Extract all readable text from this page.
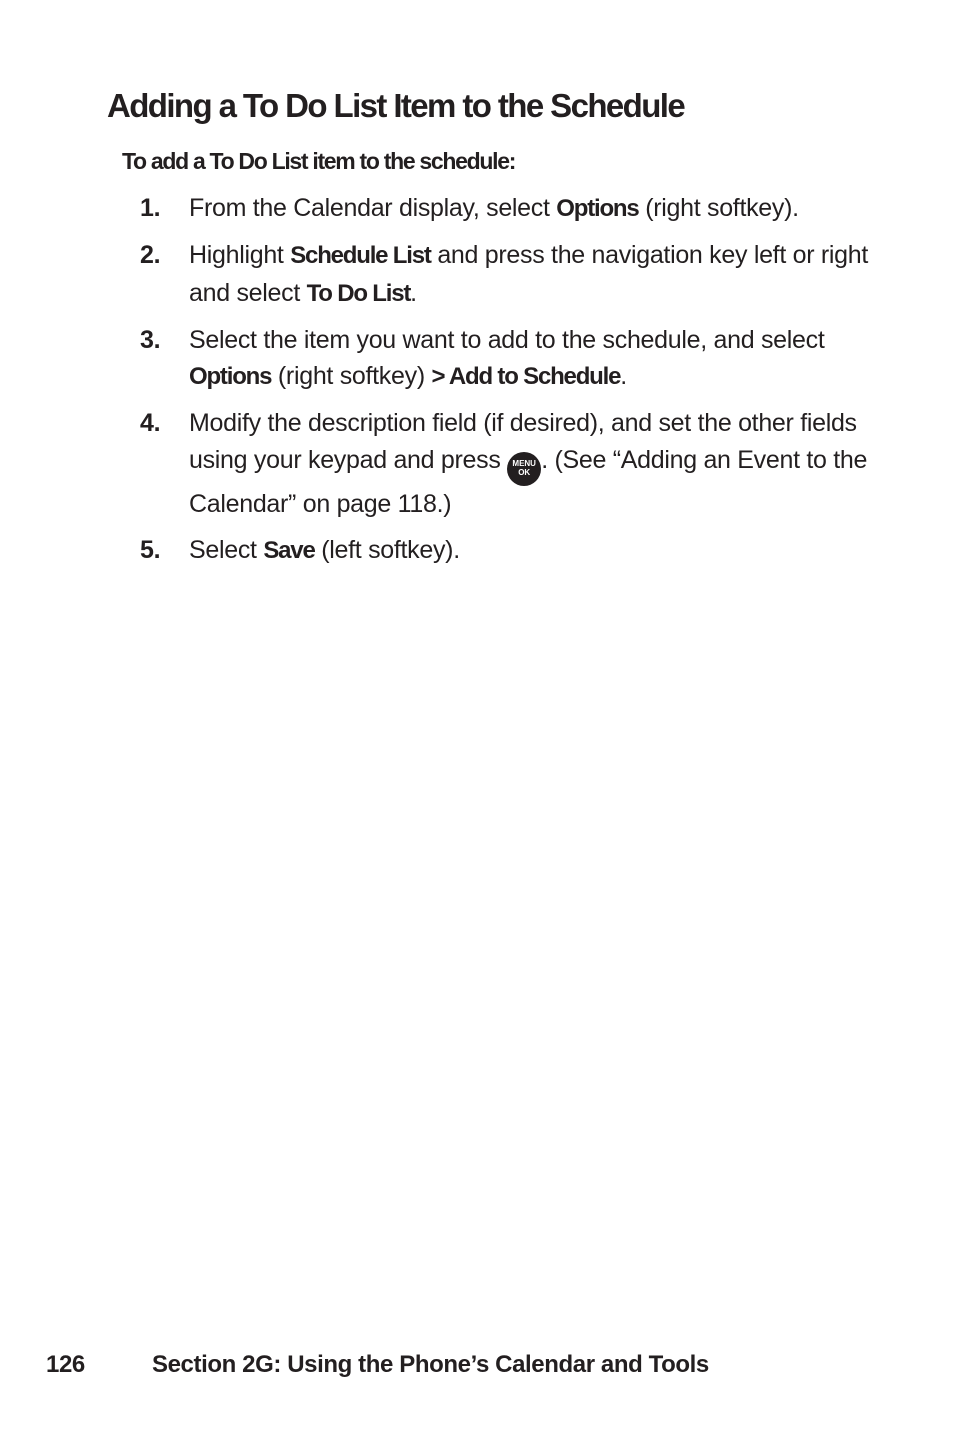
Adding a To Do List Item to the Schedule

To add a To Do List item to the schedule:

1. From the Calendar display, select Options (right softkey).
2. Highlight Schedule List and press the navigation key left or right and select To Do List.
3. Select the item you want to add to the schedule, and select Options (right softkey) > Add to Schedule.
4. Modify the description field (if desired), and set the other fields using your keypad and press MENU
OK . (See “Adding an Event to the Calendar” on page 118.)
5. Select Save (left softkey).
126	Section 2G: Using the Phone’s Calendar and Tools
